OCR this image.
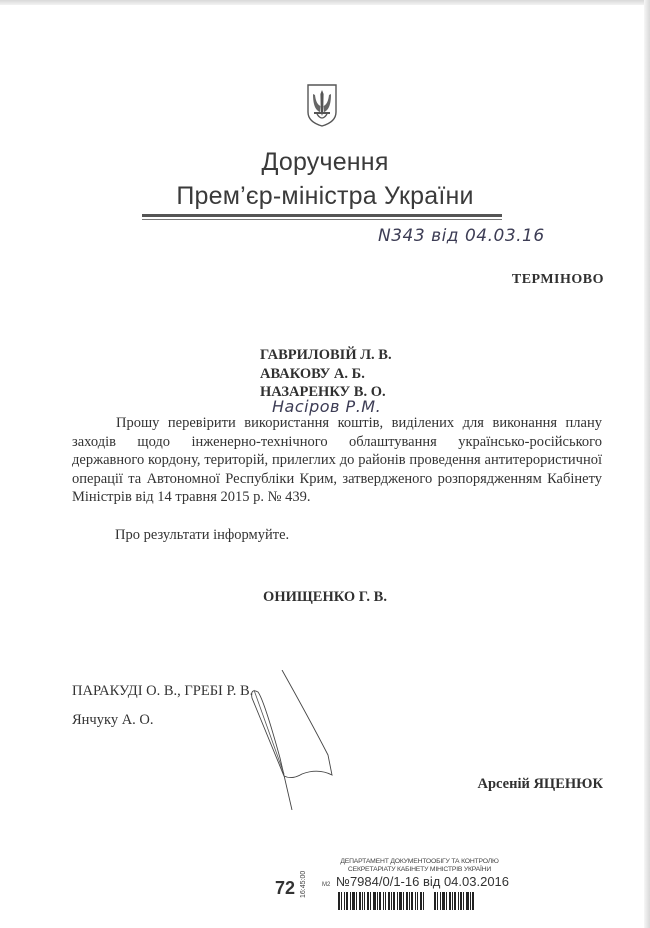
Доручення
Прем’єр-міністра України
N343 від 04.03.16
ТЕРМІНОВО
ГАВРИЛОВІЙ Л. В.
АВАКОВУ А. Б.
НАЗАРЕНКУ В. О.
Насіров Р.М.
Прошу перевірити використання коштів, виділених для виконання плану заходів щодо інженерно-технічного облаштування українсько-російського державного кордону, територій, прилеглих до районів проведення антитерористичної операції та Автономної Республіки Крим, затвердженого розпорядженням Кабінету Міністрів від 14 травня 2015 р. № 439.
Про результати інформуйте.
ОНИЩЕНКО Г. В.
ПАРАКУДІ О. В., ГРЕБІ Р. В.
Янчуку А. О.
Арсеній ЯЦЕНЮК
72 16:45:00
ДЕПАРТАМЕНТ ДОКУМЕНТООБІГУ ТА КОНТРОЛЮ СЕКРЕТАРІАТУ КАБІНЕТУ МІНІСТРІВ УКРАЇНИ
М2 №7984/0/1-16 від 04.03.2016
